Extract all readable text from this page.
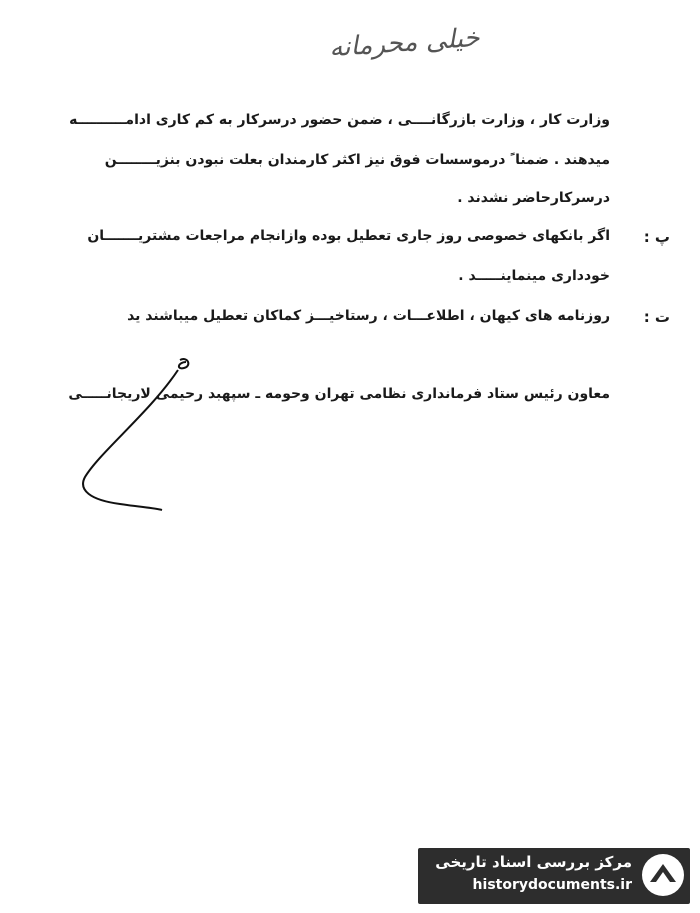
خیلی محرمانه
وزارت کار ، وزارت بازرگانــــی ، ضمن حضور درسرکار به کم کاری ادامــــــــــه
میدهند . ضمنا ً درموسسات فوق نیز اکثر کارمندان بعلت نبودن بنزیــــــــن
درسرکارحاضر نشدند .
پ :
اگر بانکهای خصوصی روز جاری تعطیل بوده وازانجام مراجعات مشتریـــــــان
خودداری مینماینـــــد .
ت :
روزنامه های کیهان ، اطلاعـــات ، رستاخیـــز کماکان تعطیل میباشند ید
معاون رئیس ستاد فرمانداری نظامی تهران وحومه ـ سپهبد رحیمی لاریجانـــــی
مرکز بررسی اسناد تاریخی
historydocuments.ir
